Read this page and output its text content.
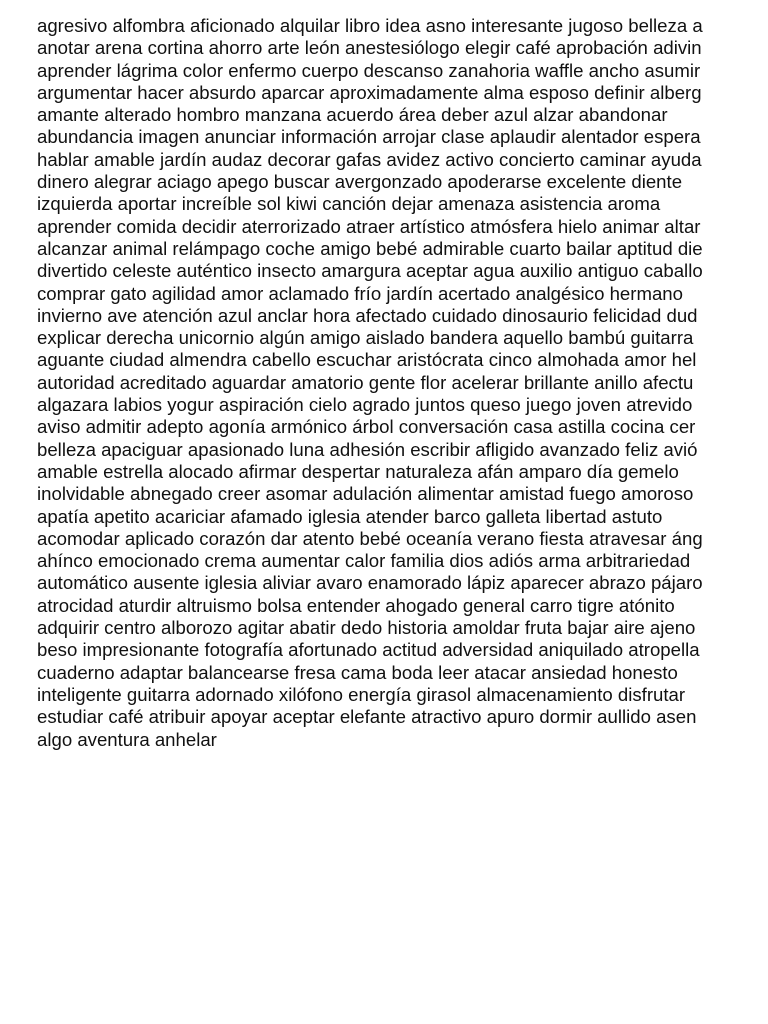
agresivo alfombra aficionado alquilar libro idea asno interesante jugoso belleza a
anotar arena cortina ahorro arte león anestesiólogo elegir café aprobación adivin
aprender lágrima color enfermo cuerpo descanso zanahoria waffle ancho asumir
argumentar hacer absurdo aparcar aproximadamente alma esposo definir alberg
amante alterado hombro manzana acuerdo área deber azul alzar abandonar
abundancia imagen anunciar información arrojar clase aplaudir alentador espera
hablar amable jardín audaz decorar gafas avidez activo concierto caminar ayuda
dinero alegrar aciago apego buscar avergonzado apoderarse excelente diente
izquierda aportar increíble sol kiwi canción dejar amenaza asistencia aroma
aprender comida decidir aterrorizado atraer artístico atmósfera hielo animar altar
alcanzar animal relámpago coche amigo bebé admirable cuarto bailar aptitud die
divertido celeste auténtico insecto amargura aceptar agua auxilio antiguo caballo
comprar gato agilidad amor aclamado frío jardín acertado analgésico hermano
invierno ave atención azul anclar hora afectado cuidado dinosaurio felicidad dud
explicar derecha unicornio algún amigo aislado bandera aquello bambú guitarra
aguante ciudad almendra cabello escuchar aristócrata cinco almohada amor hel
autoridad acreditado aguardar amatorio gente flor acelerar brillante anillo afectu
algazara labios yogur aspiración cielo agrado juntos queso juego joven atrevido
aviso admitir adepto agonía armónico árbol conversación casa astilla cocina cer
belleza apaciguar apasionado luna adhesión escribir afligido avanzado feliz avió
amable estrella alocado afirmar despertar naturaleza afán amparo día gemelo
inolvidable abnegado creer asomar adulación alimentar amistad fuego amoroso
apatía apetito acariciar afamado iglesia atender barco galleta libertad astuto
acomodar aplicado corazón dar atento bebé oceanía verano fiesta atravesar áng
ahínco emocionado crema aumentar calor familia dios adiós arma arbitrariedad
automático ausente iglesia aliviar avaro enamorado lápiz aparecer abrazo pájaro
atrocidad aturdir altruismo bolsa entender ahogado general carro tigre atónito
adquirir centro alborozo agitar abatir dedo historia amoldar fruta bajar aire ajeno
beso impresionante fotografía afortunado actitud adversidad aniquilado atropella
cuaderno adaptar balancearse fresa cama boda leer atacar ansiedad honesto
inteligente guitarra adornado xilófono energía girasol almacenamiento disfrutar
estudiar café atribuir apoyar aceptar elefante atractivo apuro dormir aullido asen
algo aventura anhelar
